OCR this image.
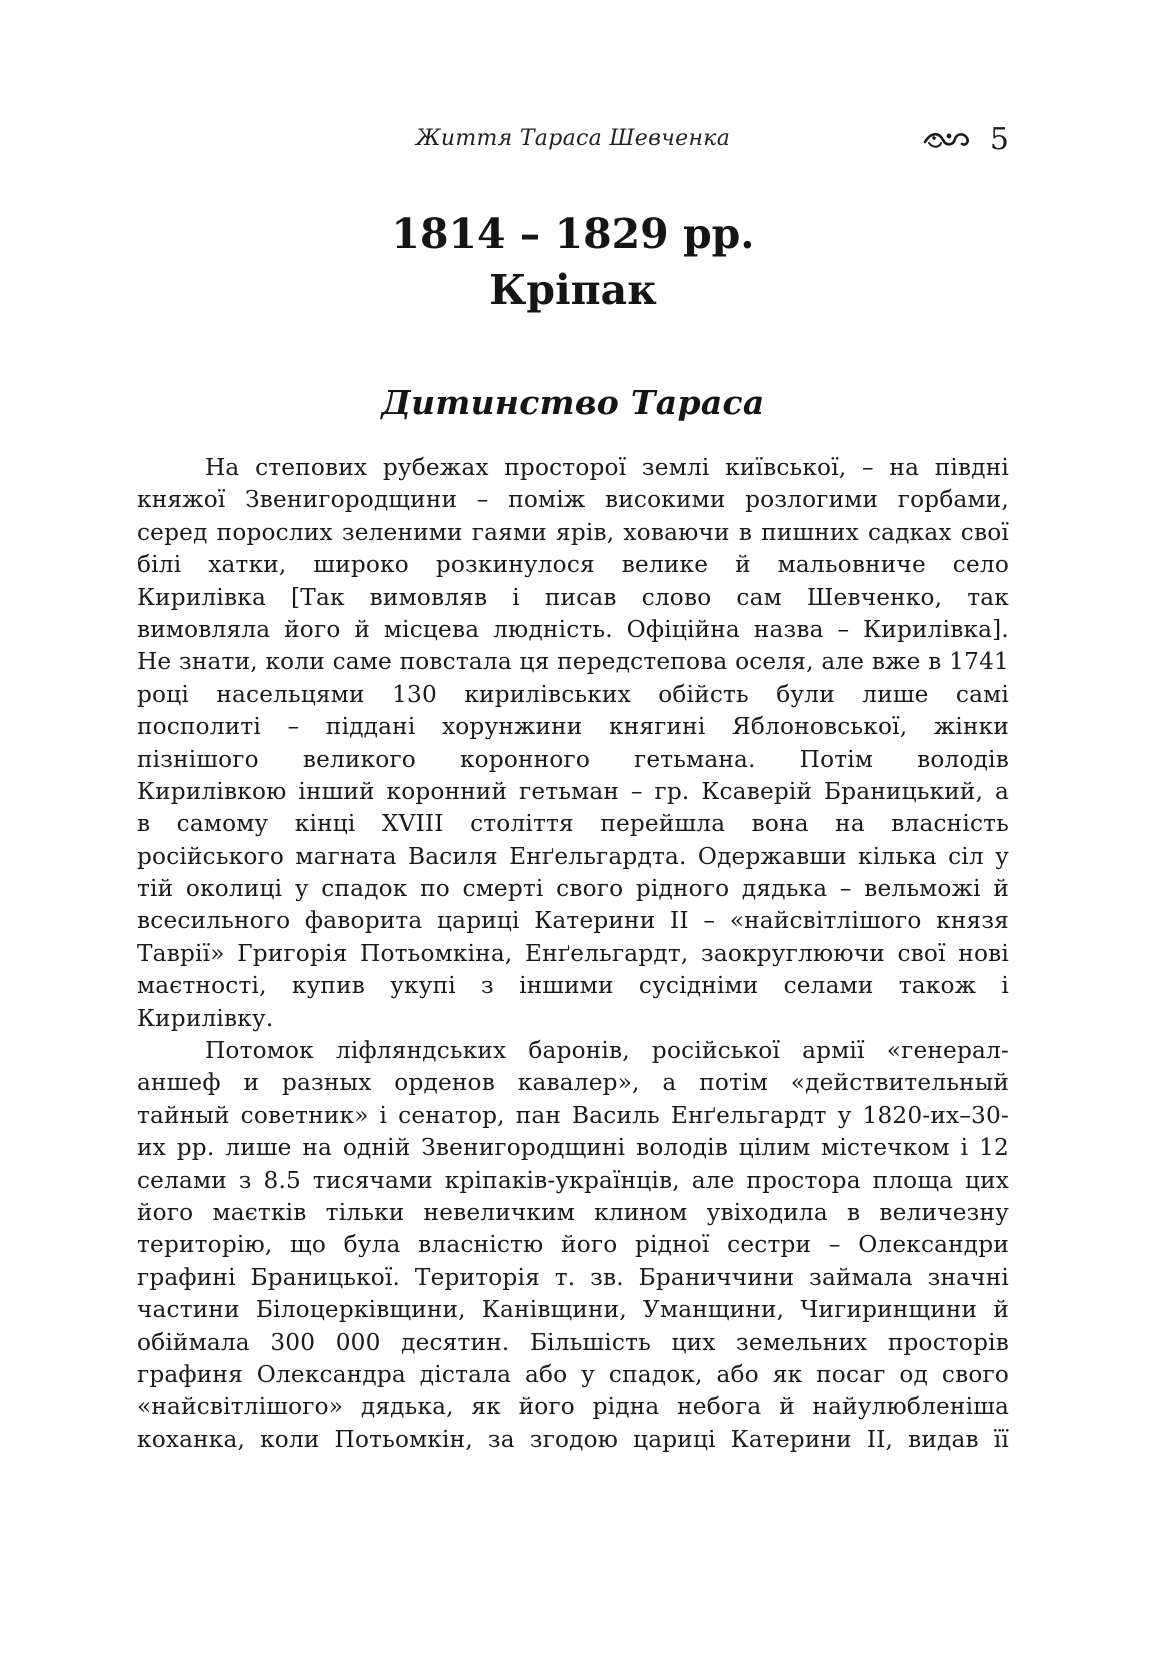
Життя Тараса Шевченка	5
1814 – 1829 рр.
Кріпак
Дитинство Тараса
На степових рубежах просторої землі київської, – на півдні
княжої Звенигородщини – поміж високими розлогими горбами,
серед порослих зеленими гаями ярів, ховаючи в пишних садках свої
білі хатки, широко розкинулося велике й мальовниче село
Кирилівка [Так вимовляв і писав слово сам Шевченко, так
вимовляла його й місцева людність. Офіційна назва – Кирилівка].
Не знати, коли саме повстала ця передстепова оселя, але вже в 1741
році насельцями 130 кирилівських обійсть були лише самі
посполиті – піддані хорунжини княгині Яблоновської, жінки
пізнішого великого коронного гетьмана. Потім володів
Кирилівкою інший коронний гетьман – гр. Ксаверій Браницький, а
в самому кінці XVIII століття перейшла вона на власність
російського магната Василя Енґельгардта. Одержавши кілька сіл у
тій околиці у спадок по смерті свого рідного дядька – вельможі й
всесильного фаворита цариці Катерини II – «найсвітлішого князя
Таврії» Григорія Потьомкіна, Енґельгардт, заокруглюючи свої нові
маєтності, купив укупі з іншими сусідніми селами також і
Кирилівку.
Потомок ліфляндських баронів, російської армії «генерал-
аншеф и разных орденов кавалер», а потім «действительный
тайный советник» і сенатор, пан Василь Енґельгардт у 1820-их–30-
их рр. лише на одній Звенигородщині володів цілим містечком і 12
селами з 8.5 тисячами кріпаків-українців, але простора площа цих
його маєтків тільки невеличким клином увіходила в величезну
територію, що була власністю його рідної сестри – Олександри
графині Браницької. Територія т. зв. Браниччини займала значні
частини Білоцерківщини, Канівщини, Уманщини, Чигиринщини й
обіймала 300 000 десятин. Більшість цих земельних просторів
графиня Олександра дістала або у спадок, або як посаг од свого
«найсвітлішого» дядька, як його рідна небога й найулюбленіша
коханка, коли Потьомкін, за згодою цариці Катерини II, видав її
